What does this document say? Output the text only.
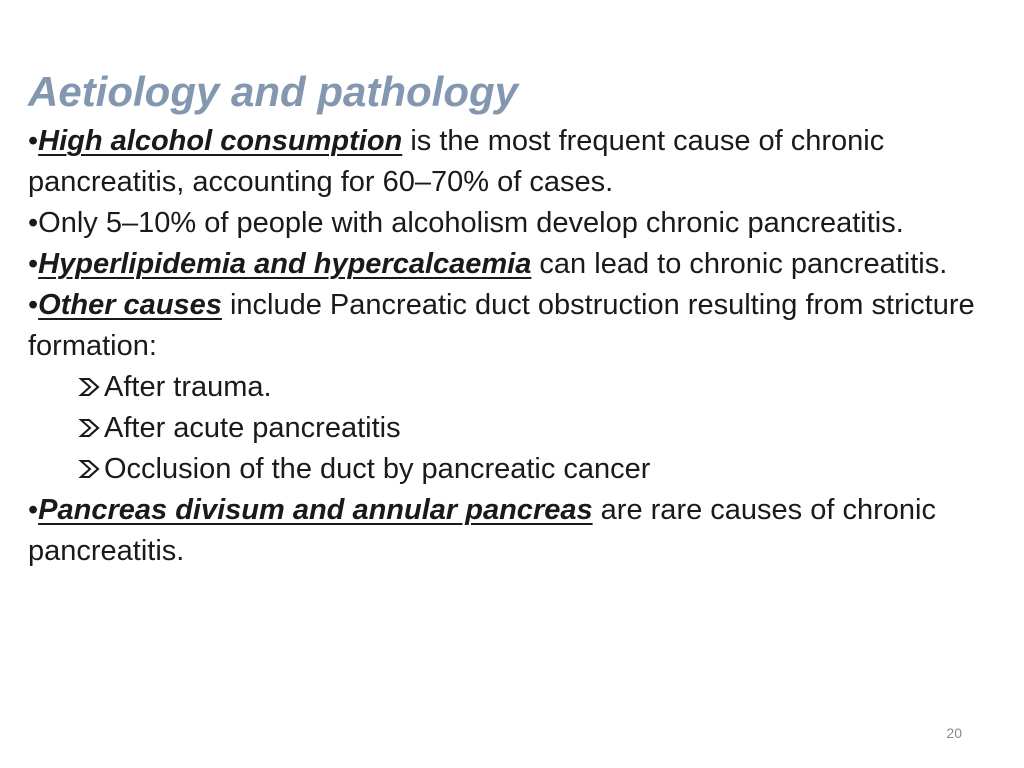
Aetiology and pathology

•High alcohol consumption is the most frequent cause of chronic pancreatitis, accounting for 60–70% of cases.

•Only 5–10% of people with alcoholism develop chronic pancreatitis.

•Hyperlipidemia and hypercalcaemia can lead to chronic pancreatitis.

•Other causes include Pancreatic duct obstruction resulting from stricture formation:

After trauma.

After acute pancreatitis

Occlusion of the duct by pancreatic cancer

•Pancreas divisum and annular pancreas are rare causes of chronic pancreatitis.

20
